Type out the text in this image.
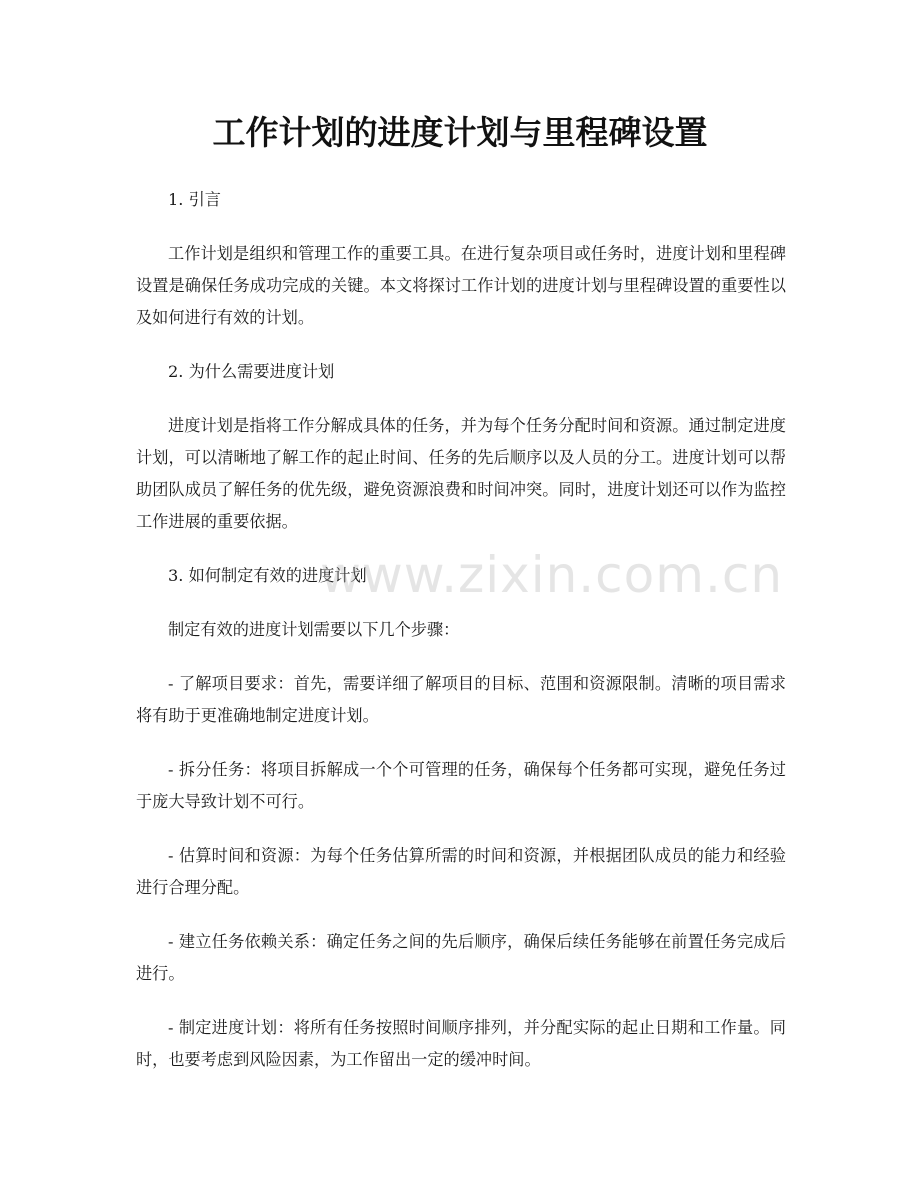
工作计划的进度计划与里程碑设置

1. 引言

工作计划是组织和管理工作的重要工具。在进行复杂项目或任务时，进度计划和里程碑设置是确保任务成功完成的关键。本文将探讨工作计划的进度计划与里程碑设置的重要性以及如何进行有效的计划。

2. 为什么需要进度计划

进度计划是指将工作分解成具体的任务，并为每个任务分配时间和资源。通过制定进度计划，可以清晰地了解工作的起止时间、任务的先后顺序以及人员的分工。进度计划可以帮助团队成员了解任务的优先级，避免资源浪费和时间冲突。同时，进度计划还可以作为监控工作进展的重要依据。

3. 如何制定有效的进度计划

制定有效的进度计划需要以下几个步骤：

- 了解项目要求：首先，需要详细了解项目的目标、范围和资源限制。清晰的项目需求将有助于更准确地制定进度计划。

- 拆分任务：将项目拆解成一个个可管理的任务，确保每个任务都可实现，避免任务过于庞大导致计划不可行。

- 估算时间和资源：为每个任务估算所需的时间和资源，并根据团队成员的能力和经验进行合理分配。

- 建立任务依赖关系：确定任务之间的先后顺序，确保后续任务能够在前置任务完成后进行。

- 制定进度计划：将所有任务按照时间顺序排列，并分配实际的起止日期和工作量。同时，也要考虑到风险因素，为工作留出一定的缓冲时间。

www.zixin.com.cn
